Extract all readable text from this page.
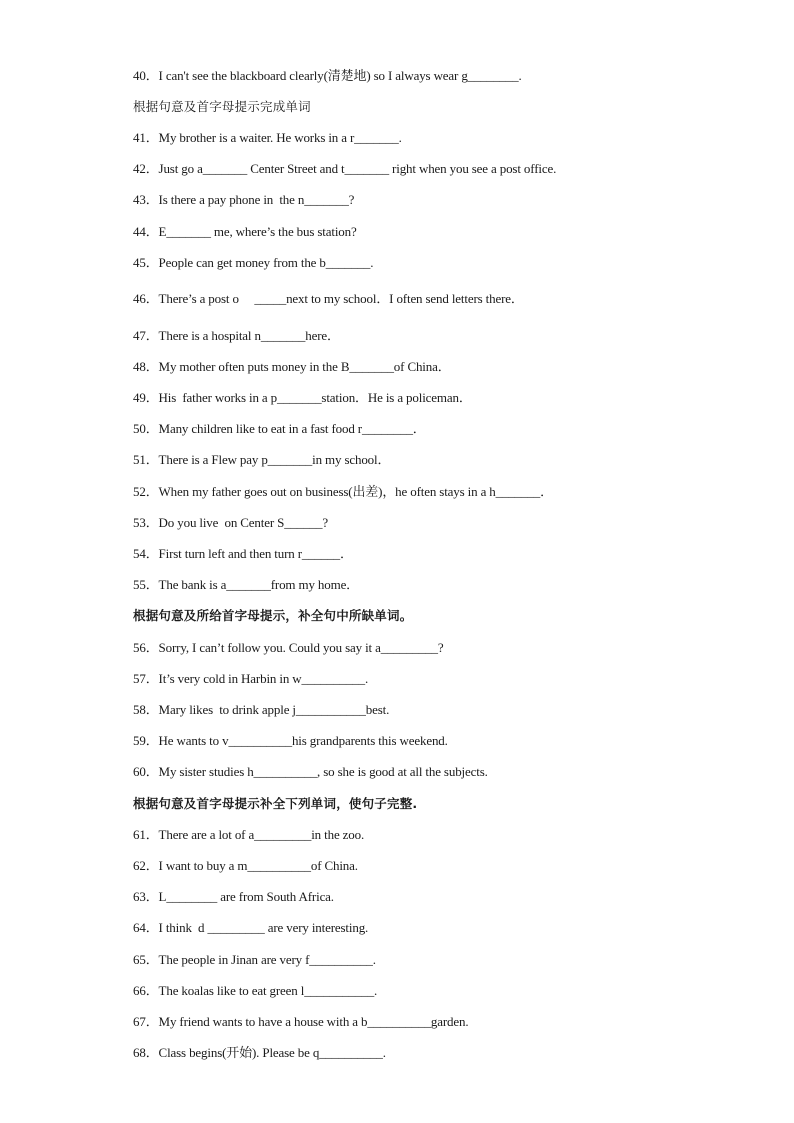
40．I can't see the blackboard clearly(清楚地) so I always wear g________.
根据句意及首字母提示完成单词
41．My brother is a waiter. He works in a r_______.
42．Just go a_______ Center Street and t_______ right when you see a post office.
43．Is there a pay phone in  the n_______?
44．E_______ me, where’s the bus station?
45．People can get money from the b_______.
46．There’s a post o     _____next to my school．I often send letters there．
47．There is a hospital n_______here．
48．My mother often puts money in the B_______of China．
49．His  father works in a p_______station．He is a policeman．
50．Many children like to eat in a fast food r________．
51．There is a Flew pay p_______in my school．
52．When my father goes out on business(出差)，he often stays in a h_______．
53．Do you live  on Center S______?
54．First turn left and then turn r______．
55．The bank is a_______from my home．
根据句意及所给首字母提示，补全句中所缺单词。
56．Sorry, I can’t follow you. Could you say it a_________?
57．It’s very cold in Harbin in w__________.
58．Mary likes  to drink apple j___________best.
59．He wants to v__________his grandparents this weekend.
60．My sister studies h__________, so she is good at all the subjects.
根据句意及首字母提示补全下列单词，使句子完整.
61．There are a lot of a_________in the zoo.
62．I want to buy a m__________of China.
63．L________ are from South Africa.
64．I think  d _________ are very interesting.
65．The people in Jinan are very f__________.
66．The koalas like to eat green l___________.
67．My friend wants to have a house with a b__________garden.
68．Class begins(开始). Please be q__________.
